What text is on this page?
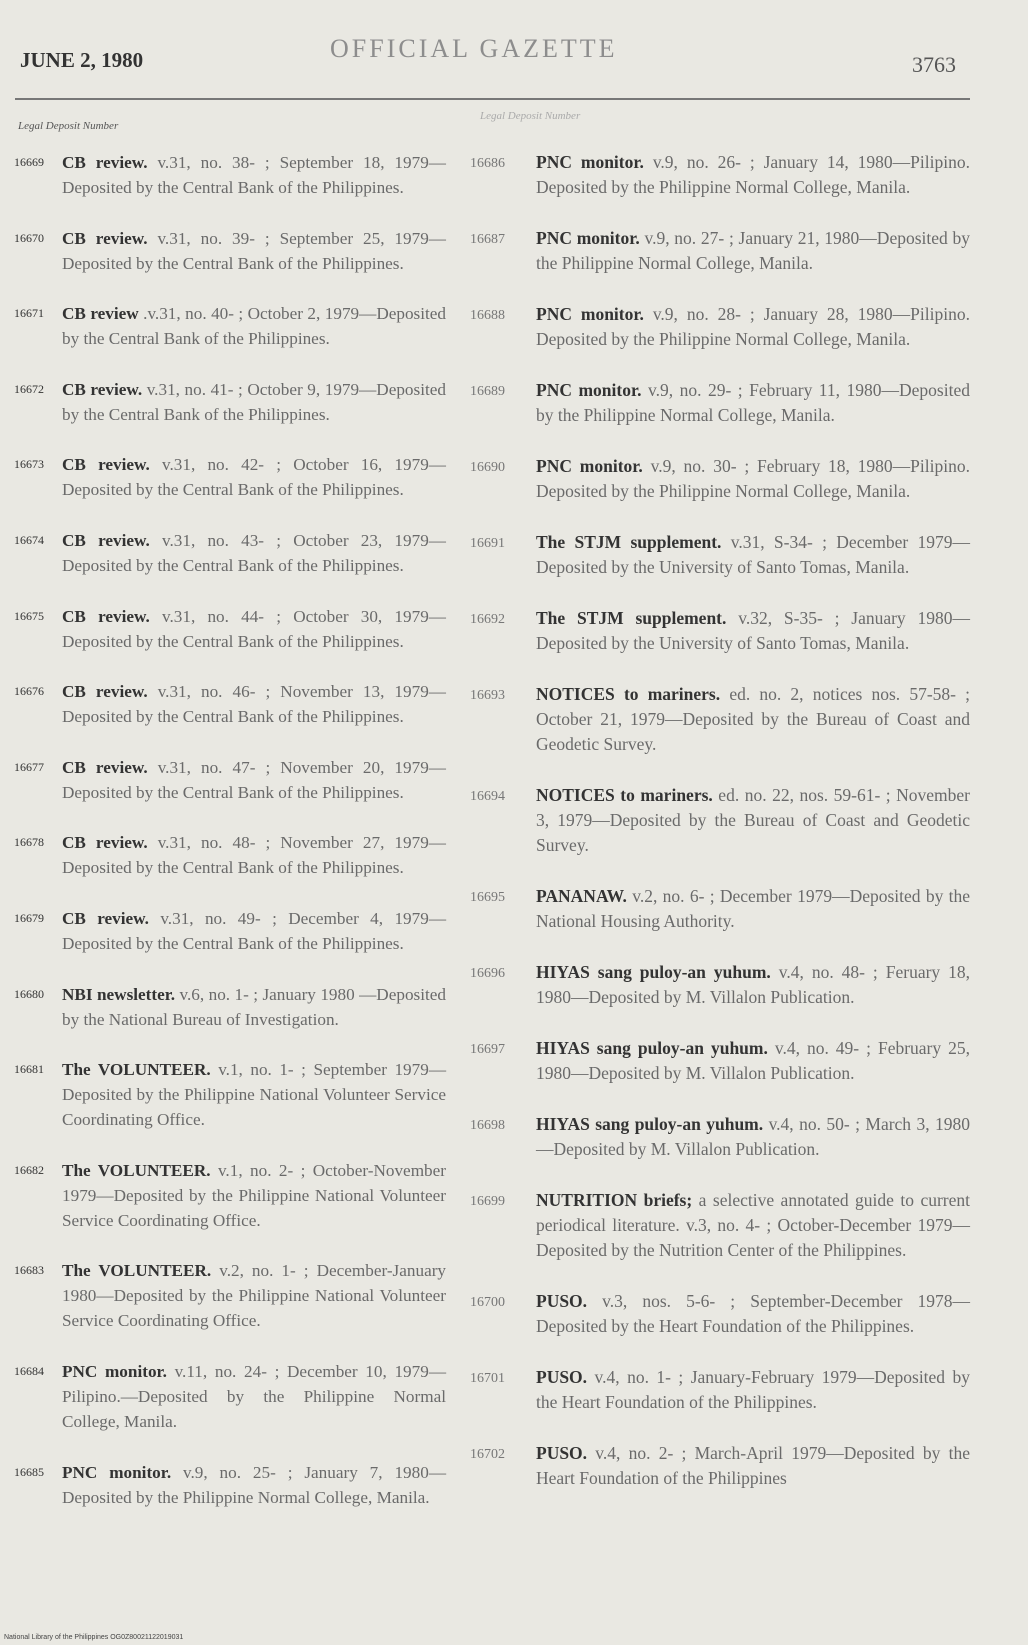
JUNE 2, 1980	OFFICIAL GAZETTE
3763
Legal Deposit Number
Legal Deposit Number
16669 CB review. v.31, no. 38- ; September 18, 1979—Deposited by the Central Bank of the Philippines.
16670 CB review. v.31, no. 39- ; September 25, 1979—Deposited by the Central Bank of the Philippines.
16671 CB review .v.31, no. 40- ; October 2, 1979—Deposited by the Central Bank of the Philippines.
16672 CB review. v.31, no. 41- ; October 9, 1979—Deposited by the Central Bank of the Philippines.
16673 CB review. v.31, no. 42- ; October 16, 1979—Deposited by the Central Bank of the Philippines.
16674 CB review. v.31, no. 43- ; October 23, 1979—Deposited by the Central Bank of the Philippines.
16675 CB review. v.31, no. 44- ; October 30, 1979—Deposited by the Central Bank of the Philippines.
16676 CB review. v.31, no. 46- ; November 13, 1979—Deposited by the Central Bank of the Philippines.
16677 CB review. v.31, no. 47- ; November 20, 1979—Deposited by the Central Bank of the Philippines.
16678 CB review. v.31, no. 48- ; November 27, 1979—Deposited by the Central Bank of the Philippines.
16679 CB review. v.31, no. 49- ; December 4, 1979—Deposited by the Central Bank of the Philippines.
16680 NBI newsletter. v.6, no. 1- ; January 1980 —Deposited by the National Bureau of Investigation.
16681 The VOLUNTEER. v.1, no. 1- ; September 1979—Deposited by the Philippine National Volunteer Service Coordinating Office.
16682 The VOLUNTEER. v.1, no. 2- ; October-November 1979—Deposited by the Philippine National Volunteer Service Coordinating Office.
16683 The VOLUNTEER. v.2, no. 1- ; December-January 1980—Deposited by the Philippine National Volunteer Service Coordinating Office.
16684 PNC monitor. v.11, no. 24- ; December 10, 1979—Pilipino.—Deposited by the Philippine Normal College, Manila.
16685 PNC monitor. v.9, no. 25- ; January 7, 1980—Deposited by the Philippine Normal College, Manila.
16686 PNC monitor. v.9, no. 26- ; January 14, 1980—Pilipino. Deposited by the Philippine Normal College, Manila.
16687 PNC monitor. v.9, no. 27- ; January 21, 1980—Deposited by the Philippine Normal College, Manila.
16688 PNC monitor. v.9, no. 28- ; January 28, 1980—Pilipino. Deposited by the Philippine Normal College, Manila.
16689 PNC monitor. v.9, no. 29- ; February 11, 1980—Deposited by the Philippine Normal College, Manila.
16690 PNC monitor. v.9, no. 30- ; February 18, 1980—Pilipino. Deposited by the Philippine Normal College, Manila.
16691 The STJM supplement. v.31, S-34- ; December 1979—Deposited by the University of Santo Tomas, Manila.
16692 The STJM supplement. v.32, S-35- ; January 1980—Deposited by the University of Santo Tomas, Manila.
16693 NOTICES to mariners. ed. no. 2, notices nos. 57-58- ; October 21, 1979—Deposited by the Bureau of Coast and Geodetic Survey.
16694 NOTICES to mariners. ed. no. 22, nos. 59-61- ; November 3, 1979—Deposited by the Bureau of Coast and Geodetic Survey.
16695 PANANAW. v.2, no. 6- ; December 1979—Deposited by the National Housing Authority.
16696 HIYAS sang puloy-an yuhum. v.4, no. 48- ; Feruary 18, 1980—Deposited by M. Villalon Publication.
16697 HIYAS sang puloy-an yuhum. v.4, no. 49- ; February 25, 1980—Deposited by M. Villalon Publication.
16698 HIYAS sang puloy-an yuhum. v.4, no. 50- ; March 3, 1980—Deposited by M. Villalon Publication.
16699 NUTRITION briefs; a selective annotated guide to current periodical literature. v.3, no. 4- ; October-December 1979—Deposited by the Nutrition Center of the Philippines.
16700 PUSO. v.3, nos. 5-6- ; September-December 1978—Deposited by the Heart Foundation of the Philippines.
16701 PUSO. v.4, no. 1- ; January-February 1979—Deposited by the Heart Foundation of the Philippines.
16702 PUSO. v.4, no. 2- ; March-April 1979—Deposited by the Heart Foundation of the Philippines
National Library of the Philippines OG0Z80021122019031
